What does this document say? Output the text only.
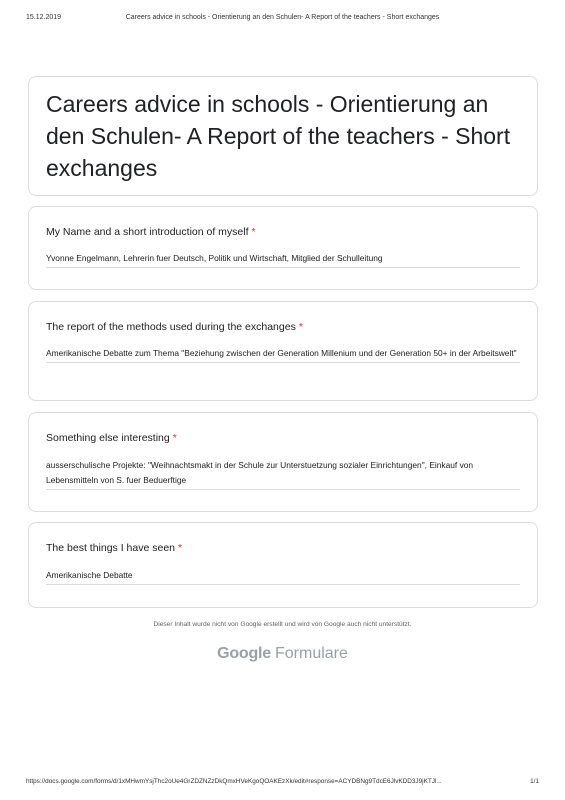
15.12.2019	Careers advice in schools - Orientierung an den Schulen- A Report of the teachers - Short exchanges
Careers advice in schools - Orientierung an den Schulen- A Report of the teachers - Short exchanges
My Name and a short introduction of myself *
Yvonne Engelmann, Lehrerin fuer Deutsch, Politik und Wirtschaft, Mitglied der Schulleitung
The report of the methods used during the exchanges *
Amerikanische Debatte zum Thema "Beziehung zwischen der Generation Millenium und der Generation 50+ in der Arbeitswelt"
Something else interesting *
ausserschulische Projekte: "Weihnachtsmakt in der Schule zur Unterstuetzung sozialer Einrichtungen", Einkauf von Lebensmitteln von S. fuer Beduerftige
The best things I have seen *
Amerikanische Debatte
Dieser Inhalt wurde nicht von Google erstellt und wird von Google auch nicht unterstützt.
Google Formulare
https://docs.google.com/forms/d/1xMHwmYsjThc2oUe4GrZDZNZzDkQmxHVeKgoQOAKEzXk/edit#response=ACYDBNg9TdcE6JlvKDD3J9jKTJl...	1/1
